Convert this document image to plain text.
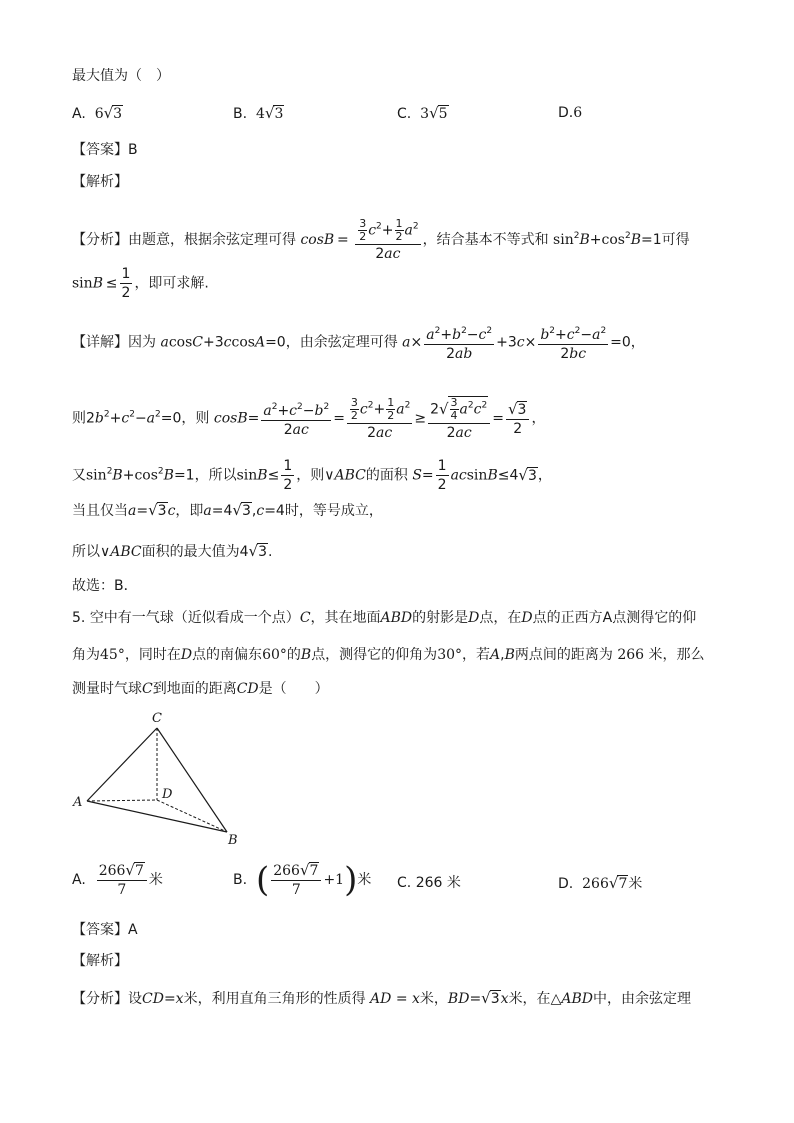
最大值为（　）
A. 6√3	B. 4√3	C. 3√5	D.6
【答案】B
【解析】
【分析】由题意，根据余弦定理可得 $\cos B = \frac{\frac{3}{2} c^2+ \frac{1}{2} a^2}{2ac}$ ，结合基本不等式和 $\sin^2B+\cos^2B=1$可得
$\sin B \le \frac{1}{2}$ ，即可求解.
【详解】因为 acosC+3ccosA=0，由余弦定理可得 $a\times \frac{a^2+b^2-c^2}{2ab} +3c\times \frac{b^2+c^2-a^2}{2bc} =0$，
则$2b^2+c^2-a^2=0$，则 $\cos B= \frac{a^2+c^2-b^2}{2ac} = \frac{\frac{3}{2} c^2+ \frac{1}{2} a^2}{2ac} \ge \frac{2√ \frac{3}{4} a^2c^2}{2ac} = \frac{√3}{2}$ ，
又$\sin^2B+\cos^2B=1$，所以$\sin B\le \frac{1}{2}$ ，则∨ABC的面积 $S= \frac{1}{2} acsinB\le 4√3$，
当且仅当a=√3c，即a=4√3,c=4时，等号成立，
所以∨ABC面积的最大值为4√3.
故选：B．
5. 空中有一气球（近似看成一个点）C，其在地面ABD的射影是D点，在D点的正西方A点测得它的仰
角为45°，同时在D点的南偏东60°的B点，测得它的仰角为30°，若A,B两点间的距离为 266 米，那么
测量时气球C到地面的距离CD是（　　）
C
D
A
B
A. $\frac{266√7}{7}$ 米	B. ( $\frac{266√7}{7} +1$)米 C. 266 米	D. 266√7米
【答案】A
【解析】
【分析】设CD=x米，利用直角三角形的性质得 AD = x米，BD=√3x米，在△ABD中，由余弦定理
